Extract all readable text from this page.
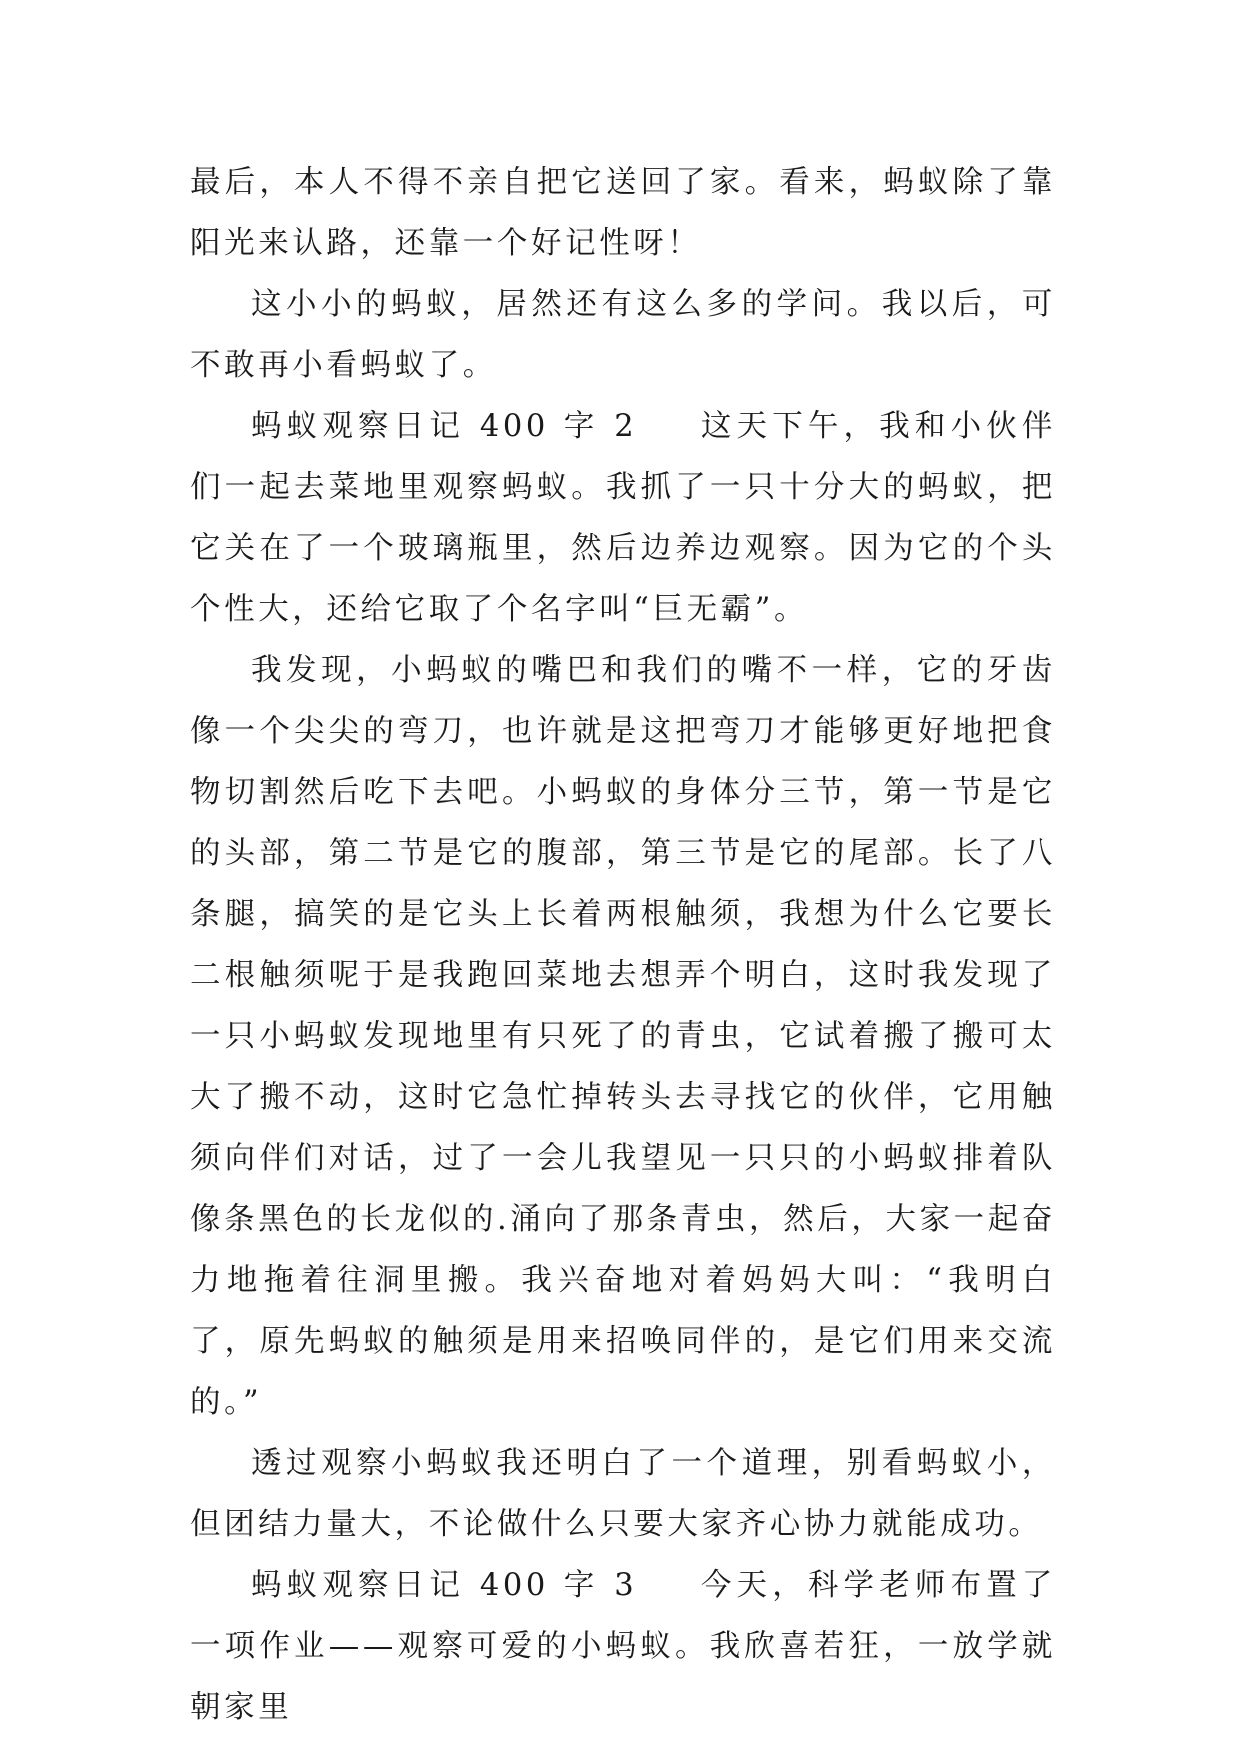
最后，本人不得不亲自把它送回了家。看来，蚂蚁除了靠阳光来认路，还靠一个好记性呀！

这小小的蚂蚁，居然还有这么多的学问。我以后，可不敢再小看蚂蚁了。

蚂蚁观察日记 400 字 2 这天下午，我和小伙伴们一起去菜地里观察蚂蚁。我抓了一只十分大的蚂蚁，把它关在了一个玻璃瓶里，然后边养边观察。因为它的个头个性大，还给它取了个名字叫“巨无霸”。

我发现，小蚂蚁的嘴巴和我们的嘴不一样，它的牙齿像一个尖尖的弯刀，也许就是这把弯刀才能够更好地把食物切割然后吃下去吧。小蚂蚁的身体分三节，第一节是它的头部，第二节是它的腹部，第三节是它的尾部。长了八条腿，搞笑的是它头上长着两根触须，我想为什么它要长二根触须呢于是我跑回菜地去想弄个明白，这时我发现了一只小蚂蚁发现地里有只死了的青虫，它试着搬了搬可太大了搬不动，这时它急忙掉转头去寻找它的伙伴，它用触须向伴们对话，过了一会儿我望见一只只的小蚂蚁排着队像条黑色的长龙似的.涌向了那条青虫，然后，大家一起奋力地拖着往洞里搬。我兴奋地对着妈妈大叫：“我明白了，原先蚂蚁的触须是用来招唤同伴的，是它们用来交流的。”

透过观察小蚂蚁我还明白了一个道理，别看蚂蚁小，但团结力量大，不论做什么只要大家齐心协力就能成功。

蚂蚁观察日记 400 字 3 今天，科学老师布置了一项作业——观察可爱的小蚂蚁。我欣喜若狂，一放学就朝家里
